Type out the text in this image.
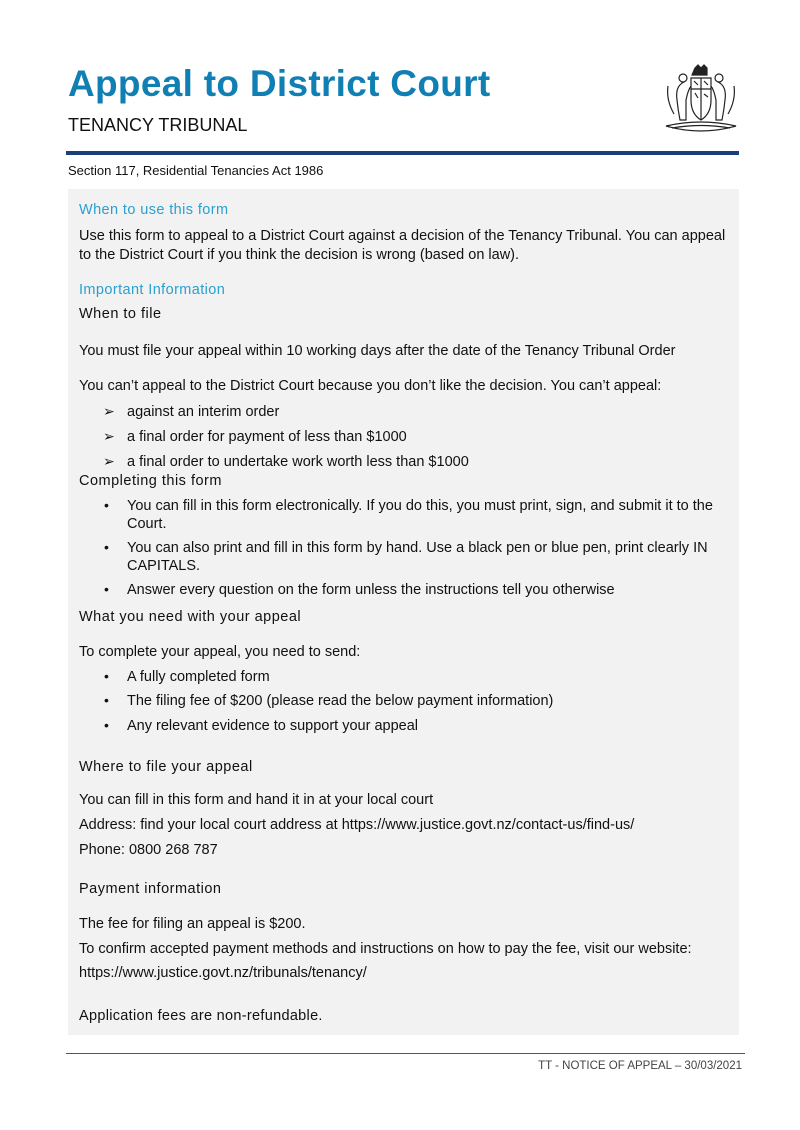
Appeal to District Court
TENANCY TRIBUNAL
Section 117, Residential Tenancies Act 1986
When to use this form
Use this form to appeal to a District Court against a decision of the Tenancy Tribunal. You can appeal to the District Court if you think the decision is wrong (based on law).
Important Information
When to file
You must file your appeal within 10 working days after the date of the Tenancy Tribunal Order
You can’t appeal to the District Court because you don’t like the decision. You can’t appeal:
➢ against an interim order
➢ a final order for payment of less than $1000
➢ a final order to undertake work worth less than $1000
Completing this form
• You can fill in this form electronically. If you do this, you must print, sign, and submit it to the Court.
• You can also print and fill in this form by hand. Use a black pen or blue pen, print clearly IN CAPITALS.
• Answer every question on the form unless the instructions tell you otherwise
What you need with your appeal
To complete your appeal, you need to send:
• A fully completed form
• The filing fee of $200 (please read the below payment information)
• Any relevant evidence to support your appeal
Where to file your appeal
You can fill in this form and hand it in at your local court
Address: find your local court address at https://www.justice.govt.nz/contact-us/find-us/
Phone: 0800 268 787
Payment information
The fee for filing an appeal is $200.
To confirm accepted payment methods and instructions on how to pay the fee, visit our website:
https://www.justice.govt.nz/tribunals/tenancy/
Application fees are non-refundable.
TT - NOTICE OF APPEAL – 30/03/2021
